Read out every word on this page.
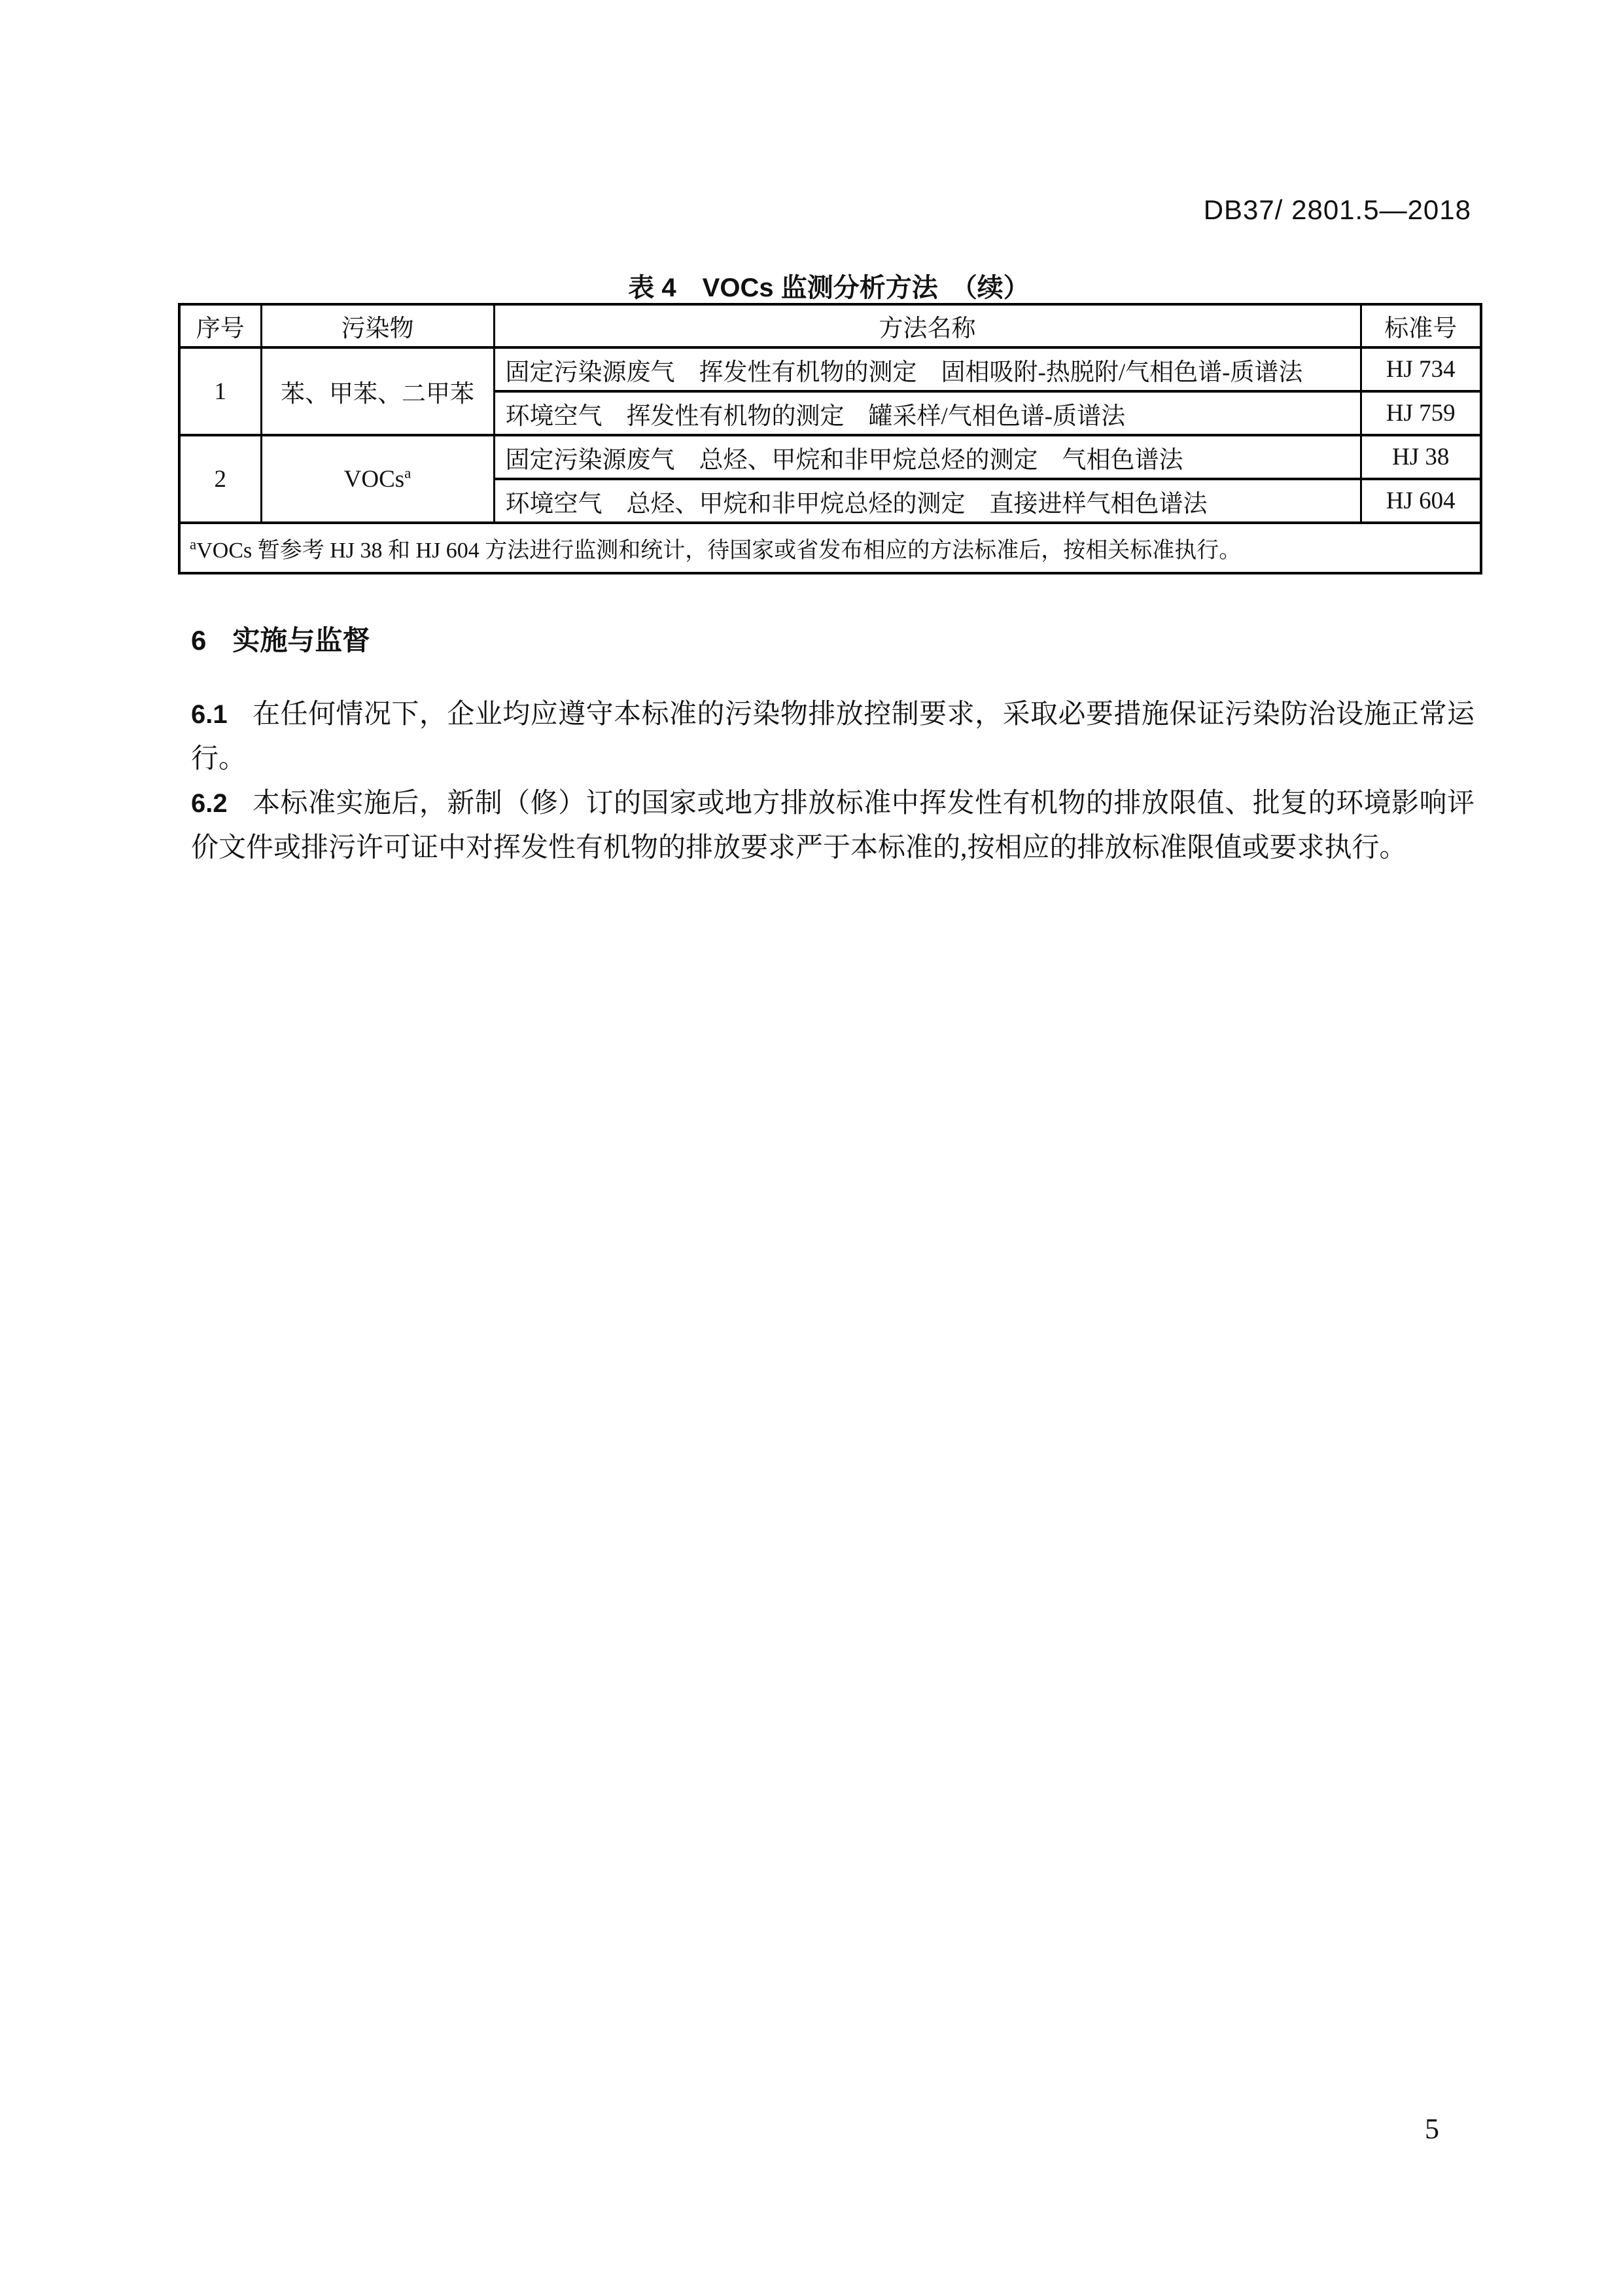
DB37/ 2801.5—2018
表 4　VOCs 监测分析方法　（续）
序号	污染物	方法名称	标准号
1	苯、甲苯、二甲苯	固定污染源废气　挥发性有机物的测定　固相吸附-热脱附/气相色谱-质谱法	HJ 734
		环境空气　挥发性有机物的测定　罐采样/气相色谱-质谱法	HJ 759
2	VOCs$^a$	固定污染源废气　总烃、甲烷和非甲烷总烃的测定　气相色谱法	HJ 38
		环境空气　总烃、甲烷和非甲烷总烃的测定　直接进样气相色谱法	HJ 604
$^a$VOCs 暂参考 HJ 38 和 HJ 604 方法进行监测和统计，待国家或省发布相应的方法标准后，按相关标准执行。			
6 实施与监督

6.1 在任何情况下，企业均应遵守本标准的污染物排放控制要求，采取必要措施保证污染防治设施正常运行。

6.2 本标准实施后，新制（修）订的国家或地方排放标准中挥发性有机物的排放限值、批复的环境影响评价文件或排污许可证中对挥发性有机物的排放要求严于本标准的,按相应的排放标准限值或要求执行。

5
